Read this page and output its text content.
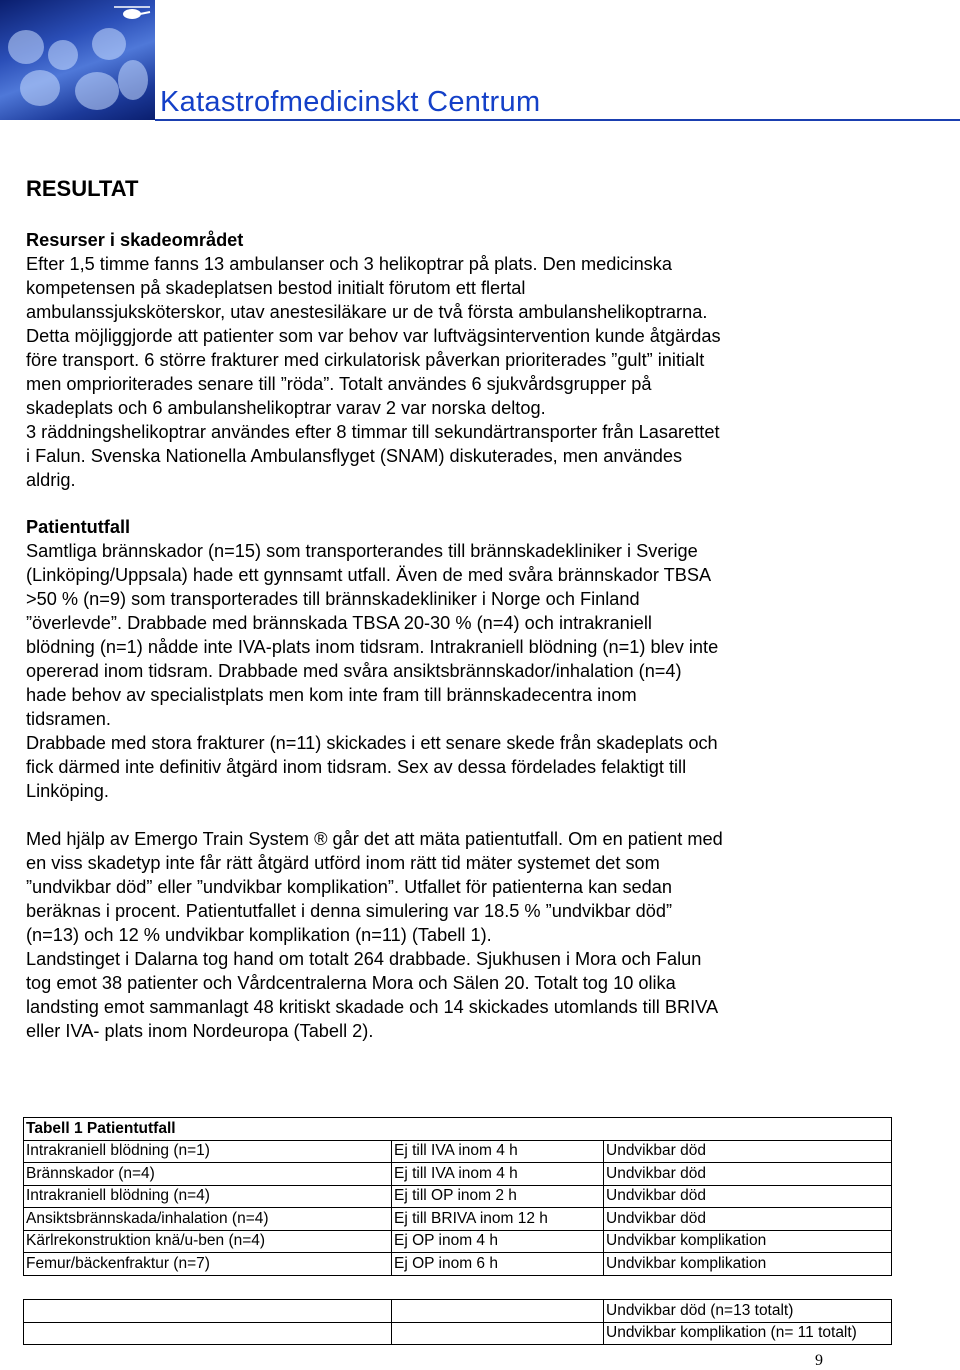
Katastrofmedicinskt Centrum
RESULTAT
Resurser i skadeområdet
Efter 1,5 timme fanns 13 ambulanser och 3 helikoptrar på plats. Den medicinska
kompetensen på skadeplatsen bestod initialt förutom ett flertal
ambulanssjuksköterskor, utav anestesiläkare ur de två första ambulanshelikoptrarna.
Detta möjliggjorde att patienter som var behov var luftvägsintervention kunde åtgärdas
före transport. 6 större frakturer med cirkulatorisk påverkan prioriterades ”gult” initialt
men omprioriterades senare till ”röda”. Totalt användes 6 sjukvårdsgrupper på
skadeplats och 6 ambulanshelikoptrar varav 2 var norska deltog.
3 räddningshelikoptrar användes efter 8 timmar till sekundärtransporter från Lasarettet
i Falun. Svenska Nationella Ambulansflyget (SNAM) diskuterades, men användes
aldrig.
Patientutfall
Samtliga brännskador (n=15) som transporterandes till brännskadekliniker i Sverige
(Linköping/Uppsala) hade ett gynnsamt utfall. Även de med svåra brännskador TBSA
>50 % (n=9) som transporterades till brännskadekliniker i Norge och Finland
”överlevde”. Drabbade med brännskada TBSA 20-30 % (n=4) och intrakraniell
blödning (n=1) nådde inte IVA-plats inom tidsram. Intrakraniell blödning (n=1) blev inte
opererad inom tidsram. Drabbade med svåra ansiktsbrännskador/inhalation (n=4)
hade behov av specialistplats men kom inte fram till brännskadecentra inom
tidsramen.
Drabbade med stora frakturer (n=11) skickades i ett senare skede från skadeplats och
fick därmed inte definitiv åtgärd inom tidsram. Sex av dessa fördelades felaktigt till
Linköping.
Med hjälp av Emergo Train System ® går det att mäta patientutfall. Om en patient med
en viss skadetyp inte får rätt åtgärd utförd inom rätt tid mäter systemet det som
”undvikbar död” eller ”undvikbar komplikation”. Utfallet för patienterna kan sedan
beräknas i procent. Patientutfallet i denna simulering var 18.5 % ”undvikbar död”
(n=13) och 12 % undvikbar komplikation (n=11) (Tabell 1).
Landstinget i Dalarna tog hand om totalt 264 drabbade. Sjukhusen i Mora och Falun
tog emot 38 patienter och Vårdcentralerna Mora och Sälen 20. Totalt tog 10 olika
landsting emot sammanlagt 48 kritiskt skadade och 14 skickades utomlands till BRIVA
eller IVA- plats inom Nordeuropa (Tabell 2).
Tabell 1 Patientutfall		
Intrakraniell blödning (n=1)	Ej till IVA inom 4 h	Undvikbar död
Brännskador (n=4)	Ej till IVA inom 4 h	Undvikbar död
Intrakraniell blödning (n=4)	Ej till OP inom 2 h	Undvikbar död
Ansiktsbrännskada/inhalation (n=4)	Ej till BRIVA inom 12 h	Undvikbar död
Kärlrekonstruktion knä/u-ben (n=4)	Ej OP inom 4 h	Undvikbar komplikation
Femur/bäckenfraktur (n=7)	Ej OP inom 6 h	Undvikbar komplikation
		Undvikbar död (n=13 totalt)
		Undvikbar komplikation (n= 11 totalt)
9
